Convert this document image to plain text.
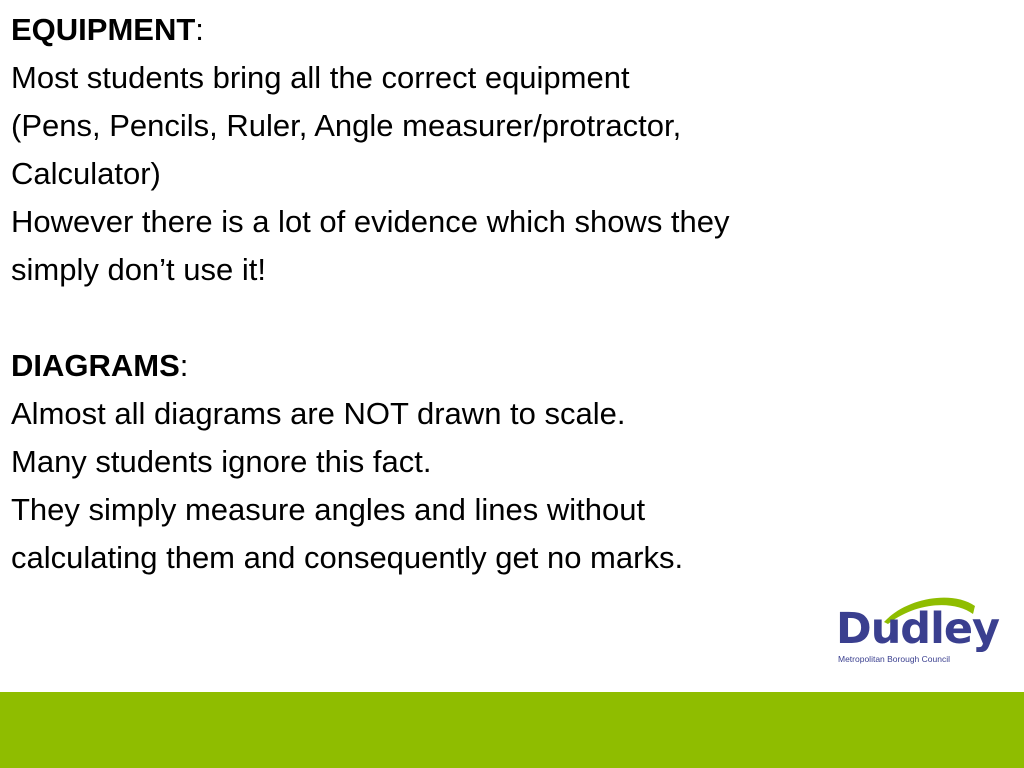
EQUIPMENT:

Most students bring all the correct equipment

(Pens, Pencils, Ruler, Angle measurer/protractor,

Calculator)

However there is a lot of evidence which shows they

simply don’t use it!

DIAGRAMS:

Almost all diagrams are NOT drawn to scale.

Many students ignore this fact.

They simply measure angles and lines without

calculating them and consequently get no marks.

Dudley
Metropolitan Borough Council
